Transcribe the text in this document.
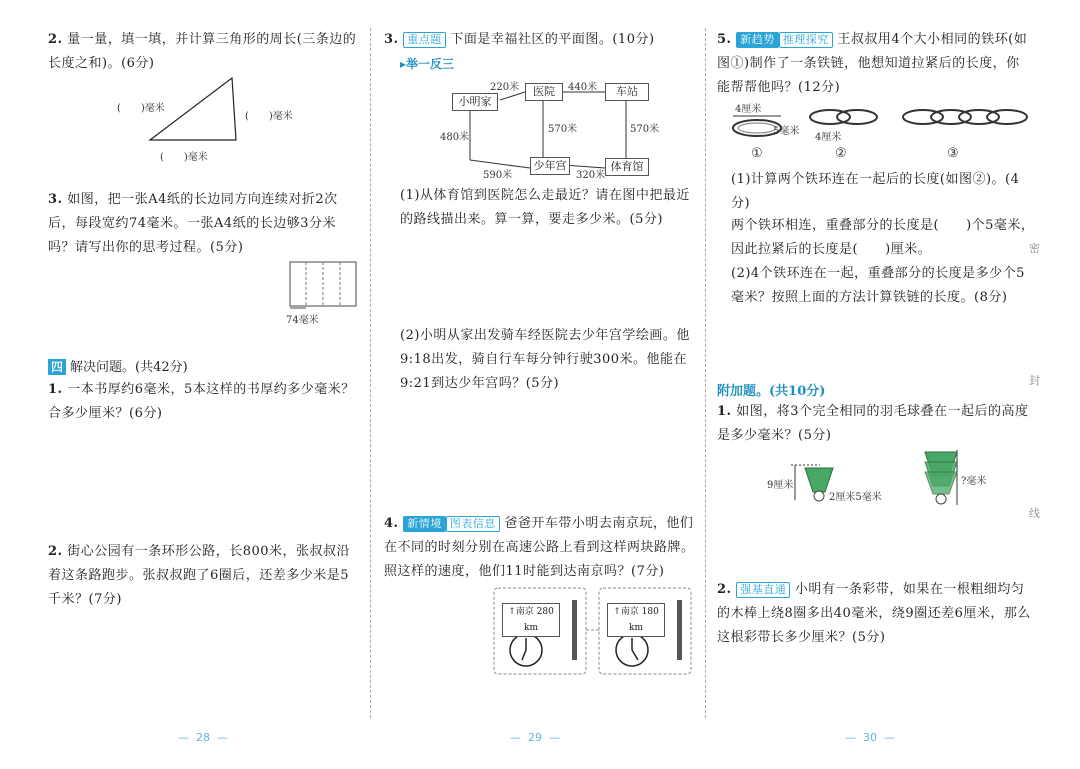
2. 量一量，填一填，并计算三角形的周长(三条边的长度之和)。(6分)
(　　)毫米
(　　)毫米
(　　)毫米
3. 如图，把一张A4纸的长边同方向连续对折2次后，每段宽约74毫米。一张A4纸的长边够3分米吗？请写出你的思考过程。(5分)
74毫米
四 解决问题。(共42分)
1. 一本书厚约6毫米，5本这样的书厚约多少毫米？合多少厘米？(6分)
2. 街心公园有一条环形公路，长800米，张叔叔沿着这条路跑步。张叔叔跑了6圈后，还差多少米是5千米？(7分)
—  28  —
3. 重点题 下面是幸福社区的平面图。(10分)
▸举一反三
小明家
医院	车站
少年宫	体育馆
220米	440米
480米
570米	570米
590米	320米
(1)从体育馆到医院怎么走最近？请在图中把最近的路线描出来。算一算，要走多少米。(5分)
(2)小明从家出发骑车经医院去少年宫学绘画。他9:18出发，骑自行车每分钟行驶300米。他能在9:21到达少年宫吗？(5分)
4. 新情境 图表信息 爸爸开车带小明去南京玩，他们在不同的时刻分别在高速公路上看到这样两块路牌。照这样的速度，他们11时能到达南京吗？(7分)
↑南京 280 km
↑南京 180 km
—  29  —
5. 新趋势 推理探究 王叔叔用4个大小相同的铁环(如图①)制作了一条铁链，他想知道拉紧后的长度，你能帮帮他吗？(12分)
4厘米
5毫米
4厘米
①	②	③
(1)计算两个铁环连在一起后的长度(如图②)。(4分)
两个铁环相连，重叠部分的长度是(　　)个5毫米，
因此拉紧后的长度是(　　)厘米。
(2)4个铁环连在一起，重叠部分的长度是多少个5毫米？按照上面的方法计算铁链的长度。(8分)
附加题。(共10分)
1. 如图，将3个完全相同的羽毛球叠在一起后的高度是多少毫米？(5分)
9厘米
2厘米5毫米
?毫米
2. 强基直通 小明有一条彩带，如果在一根粗细均匀的木棒上绕8圈多出40毫米，绕9圈还差6厘米，那么这根彩带长多少厘米？(5分)
密
封
线
—  30  —
